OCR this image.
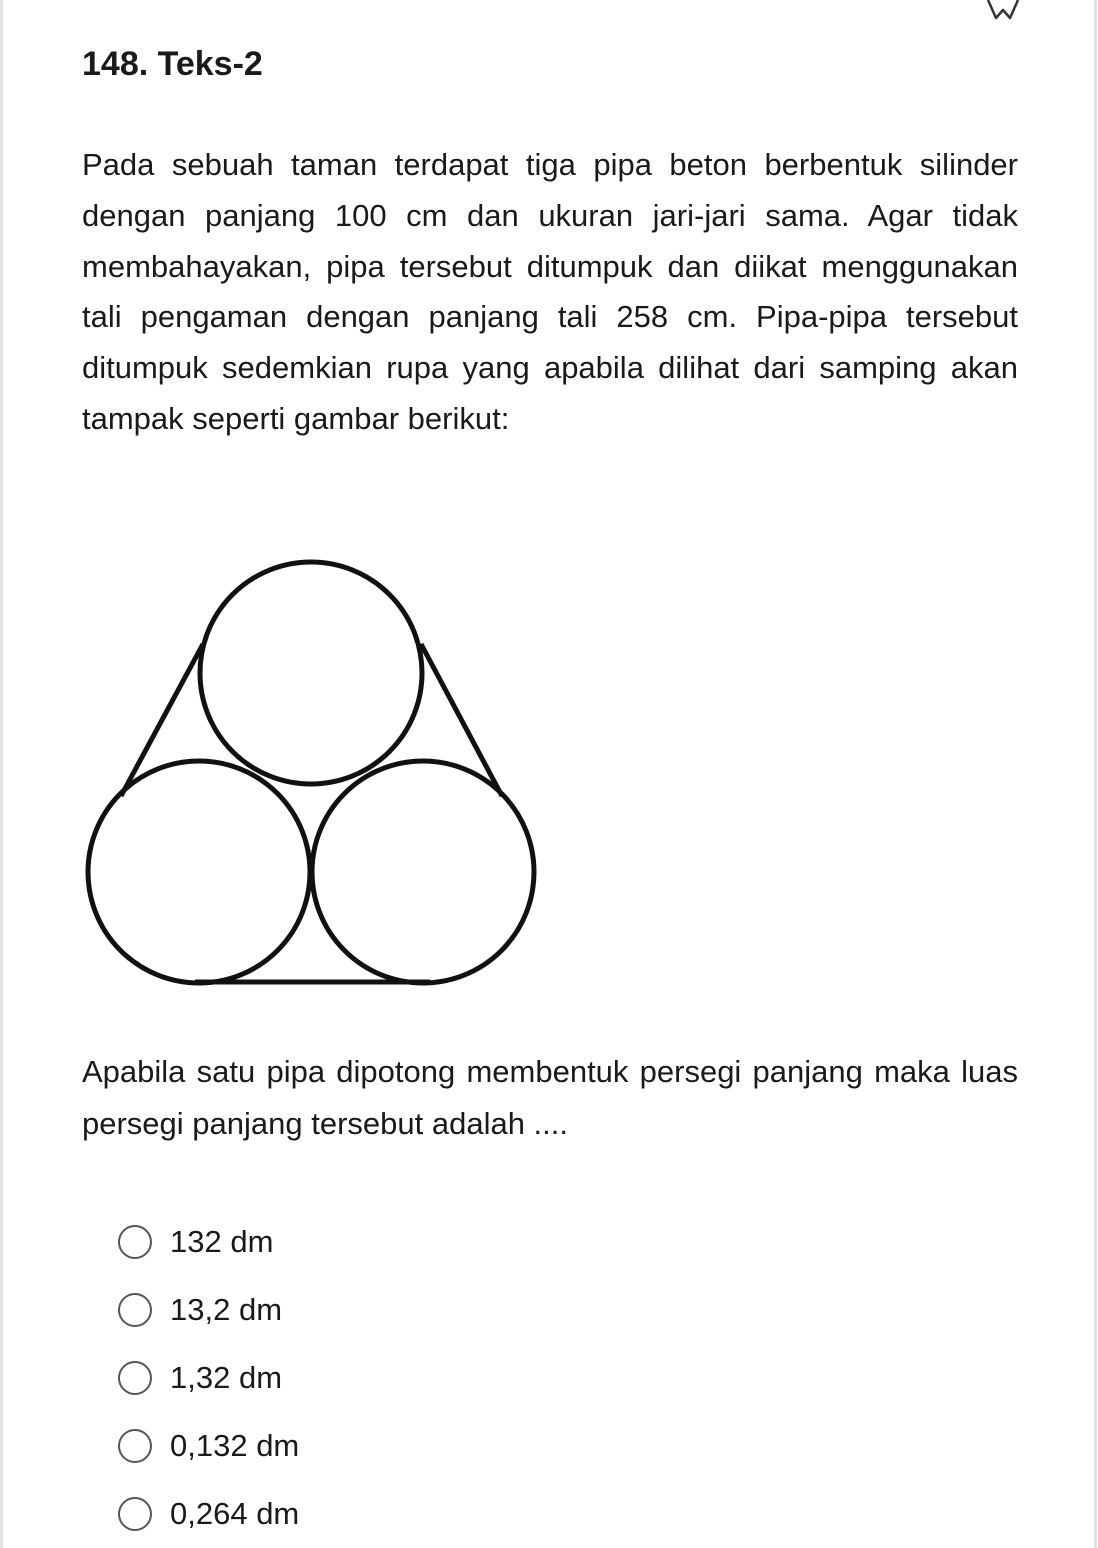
148. Teks-2

Pada sebuah taman terdapat tiga pipa beton berbentuk silinder dengan panjang 100 cm dan ukuran jari-jari sama. Agar tidak membahayakan, pipa tersebut ditumpuk dan diikat menggunakan tali pengaman dengan panjang tali 258 cm. Pipa-pipa tersebut ditumpuk sedemkian rupa yang apabila dilihat dari samping akan tampak seperti gambar berikut:

Apabila satu pipa dipotong membentuk persegi panjang maka luas persegi panjang tersebut adalah ....

132 dm
13,2 dm
1,32 dm
0,132 dm
0,264 dm
